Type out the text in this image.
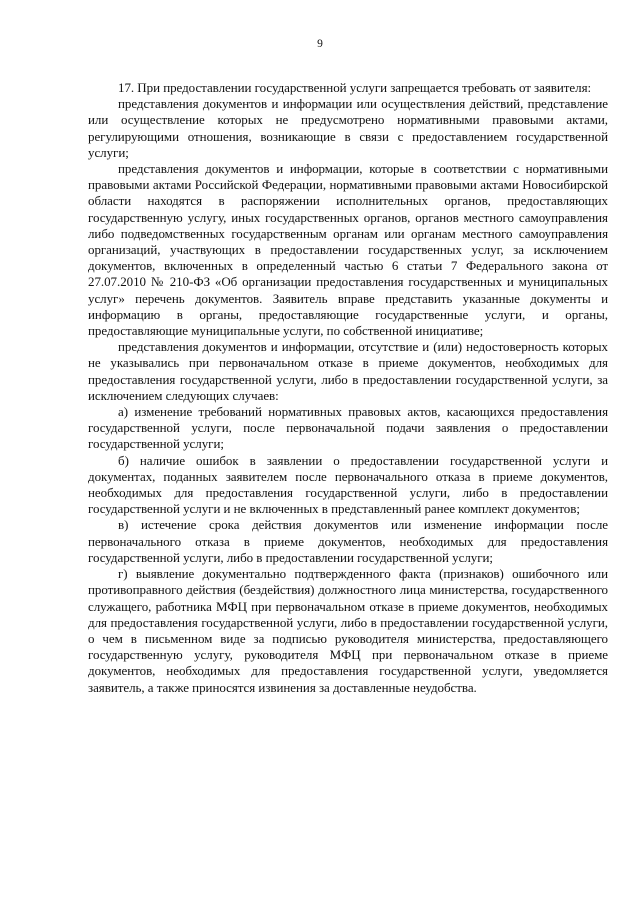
9

17. При предоставлении государственной услуги запрещается требовать от заявителя:

представления документов и информации или осуществления действий, представление или осуществление которых не предусмотрено нормативными правовыми актами, регулирующими отношения, возникающие в связи с предоставлением государственной услуги;

представления документов и информации, которые в соответствии с нормативными правовыми актами Российской Федерации, нормативными правовыми актами Новосибирской области находятся в распоряжении исполнительных органов, предоставляющих государственную услугу, иных государственных органов, органов местного самоуправления либо подведомственных государственным органам или органам местного самоуправления организаций, участвующих в предоставлении государственных услуг, за исключением документов, включенных в определенный частью 6 статьи 7 Федерального закона от 27.07.2010 № 210-ФЗ «Об организации предоставления государственных и муниципальных услуг» перечень документов. Заявитель вправе представить указанные документы и информацию в органы, предоставляющие государственные услуги, и органы, предоставляющие муниципальные услуги, по собственной инициативе;

представления документов и информации, отсутствие и (или) недостоверность которых не указывались при первоначальном отказе в приеме документов, необходимых для предоставления государственной услуги, либо в предоставлении государственной услуги, за исключением следующих случаев:

а) изменение требований нормативных правовых актов, касающихся предоставления государственной услуги, после первоначальной подачи заявления о предоставлении государственной услуги;

б) наличие ошибок в заявлении о предоставлении государственной услуги и документах, поданных заявителем после первоначального отказа в приеме документов, необходимых для предоставления государственной услуги, либо в предоставлении государственной услуги и не включенных в представленный ранее комплект документов;

в) истечение срока действия документов или изменение информации после первоначального отказа в приеме документов, необходимых для предоставления государственной услуги, либо в предоставлении государственной услуги;

г) выявление документально подтвержденного факта (признаков) ошибочного или противоправного действия (бездействия) должностного лица министерства, государственного служащего, работника МФЦ при первоначальном отказе в приеме документов, необходимых для предоставления государственной услуги, либо в предоставлении государственной услуги, о чем в письменном виде за подписью руководителя министерства, предоставляющего государственную услугу, руководителя МФЦ при первоначальном отказе в приеме документов, необходимых для предоставления государственной услуги, уведомляется заявитель, а также приносятся извинения за доставленные неудобства.
